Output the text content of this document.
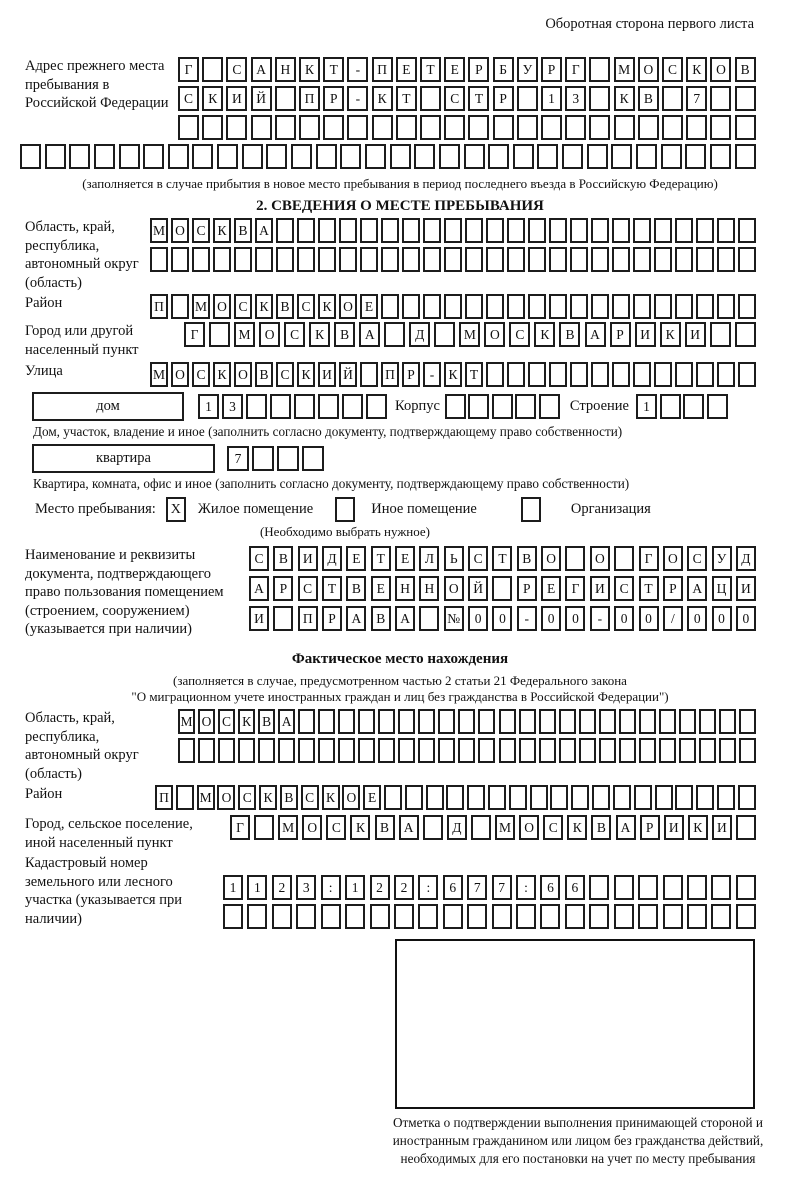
Оборотная сторона первого листа
Адрес прежнего места пребывания в Российской Федерации
Г	С	А	Н	К	Т	-	П	Е	Т	Е	Р	Б	У	Р	Г	М О	С	К	О	В
С	К	И	Й	П	Р	-	К	Т	С	Т	Р	1	3	К	В	7
(заполняется в случае прибытия в новое место пребывания в период последнего въезда в Российскую Федерацию)
2. СВЕДЕНИЯ О МЕСТЕ ПРЕБЫВАНИЯ
Область, край, республика, автономный округ (область)
М О С К В А
Район	П	М О С К В С К О Е
Город или другой населенный пункт
Г	М	О	С	К	В	А	Д	М	О	С	К	В	А	Р	И	К	И
Улица	М О С К О В С К И Й	П Р	-	К Т
дом	1	3	Корпус	Строение	1
Дом, участок, владение и иное (заполнить согласно документу, подтверждающему право собственности)
квартира	7
Квартира, комната, офис и иное (заполнить согласно документу, подтверждающему право собственности)
Место пребывания:	X	Жилое помещение	Иное помещение	Организация
(Необходимо выбрать нужное)
Наименование и реквизиты документа, подтверждающего право пользования помещением (строением, сооружением) (указывается при наличии)
С	В	И	Д	Е	Т	Е	Л	Ь	С	Т	В	О	О	Г	О	С	У	Д
А	Р	С	Т	В	Е	Н	Н	О	Й	Р	Е	Г	И	С	Т	Р	А	Ц	И
И	П	Р	А	В	А	№	0	0	-	0	0	-	0	0	/	0	0	0
Фактическое место нахождения
(заполняется в случае, предусмотренном частью 2 статьи 21 Федерального закона
"О миграционном учете иностранных граждан и лиц без гражданства в Российской Федерации")
Область, край, республика, автономный округ (область)
М О С К В А
Район	П	М О С К В С К О Е
Город, сельское поселение, иной населенный пункт
Г	М О	С	К	В	А	Д	М О	С	К	В	А	Р	И	К	И
Кадастровый номер земельного или лесного участка (указывается при наличии)
1	1	2	3	:	1	2	2	:	6	7	7	:	6	6
Отметка о подтверждении выполнения принимающей стороной и иностранным гражданином или лицом без гражданства действий, необходимых для его постановки на учет по месту пребывания
